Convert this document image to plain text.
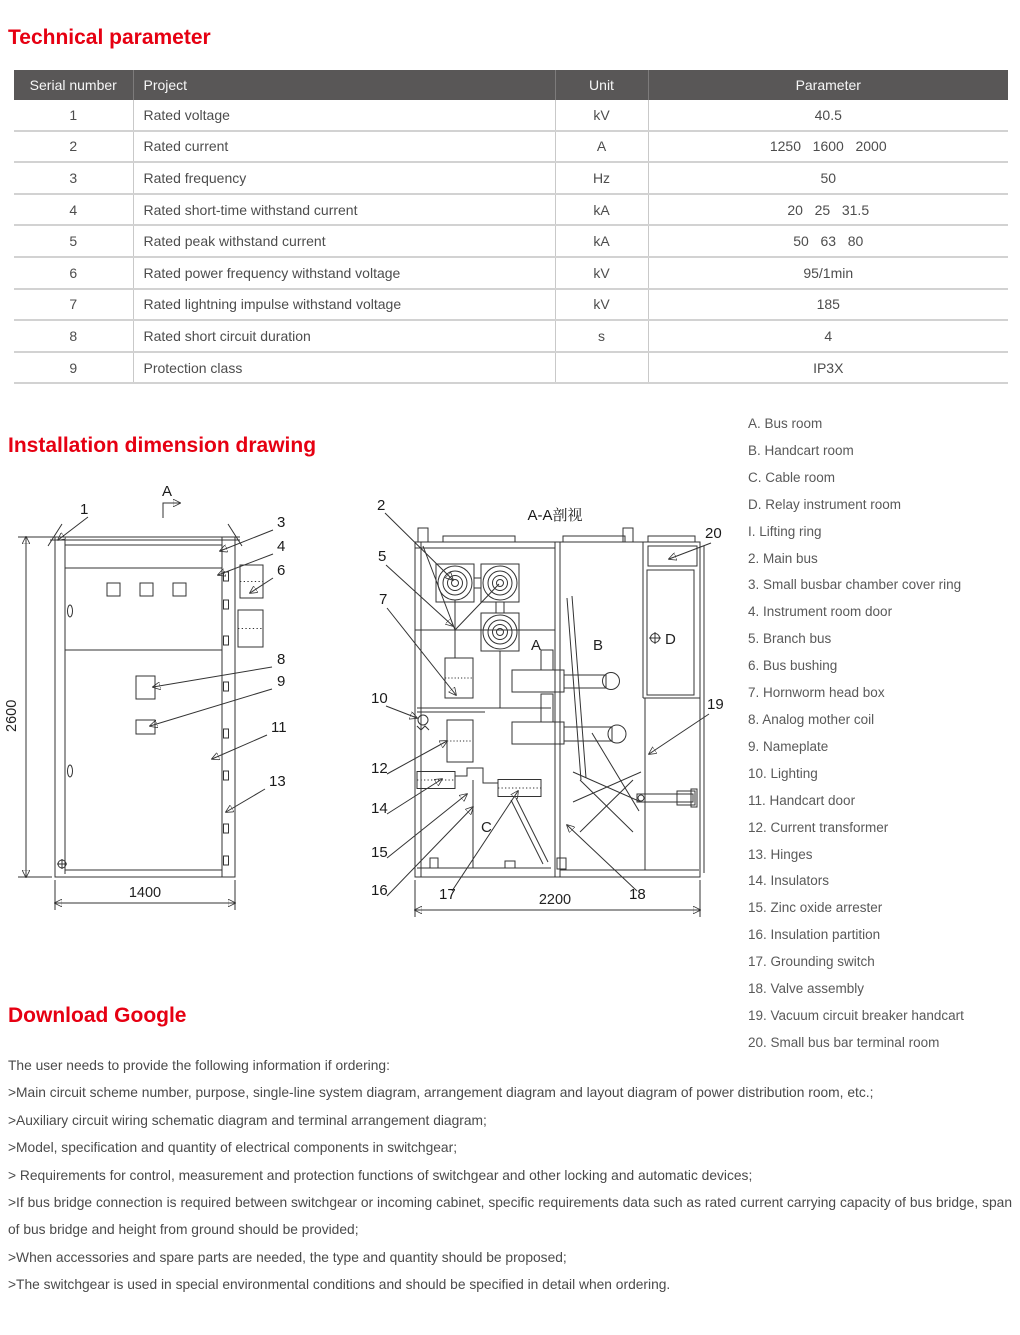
Technical parameter
Serial number	Project	Unit	Parameter
1	Rated voltage	kV	40.5
2	Rated current	A	1250   1600   2000
3	Rated frequency	Hz	50
4	Rated short-time withstand current	kA	20   25   31.5
5	Rated peak withstand current	kA	50   63   80
6	Rated power frequency withstand voltage	kV	95/1min
7	Rated lightning impulse withstand voltage	kV	185
8	Rated short circuit duration	s	4
9	Protection class		IP3X
Installation dimension drawing
A. Bus room
B. Handcart room
C. Cable room
D. Relay instrument room
I. Lifting ring
2. Main bus
3. Small busbar chamber cover ring
4. Instrument room door
5. Branch bus
6. Bus bushing
7. Hornworm head box
8. Analog mother coil
9. Nameplate
10. Lighting
11. Handcart door
12. Current transformer
13. Hinges
14. Insulators
15. Zinc oxide arrester
16. Insulation partition
17. Grounding switch
18. Valve assembly
19. Vacuum circuit breaker handcart
20. Small bus bar terminal room
2600
1400
A
1
3
4
6
8
9
11
13
A-A剖视
A	B
C
D
2
5
7
10
12
14
15
16	17	18
19
20
2200
Download Google
The user needs to provide the following information if ordering:
>Main circuit scheme number, purpose, single-line system diagram, arrangement diagram and layout diagram of power distribution room, etc.;
>Auxiliary circuit wiring schematic diagram and terminal arrangement diagram;
>Model, specification and quantity of electrical components in switchgear;
> Requirements for control, measurement and protection functions of switchgear and other locking and automatic devices;
>If bus bridge connection is required between switchgear or incoming cabinet, specific requirements data such as rated current carrying capacity of bus bridge, span of bus bridge and height from ground should be provided;
>When accessories and spare parts are needed, the type and quantity should be proposed;
>The switchgear is used in special environmental conditions and should be specified in detail when ordering.
